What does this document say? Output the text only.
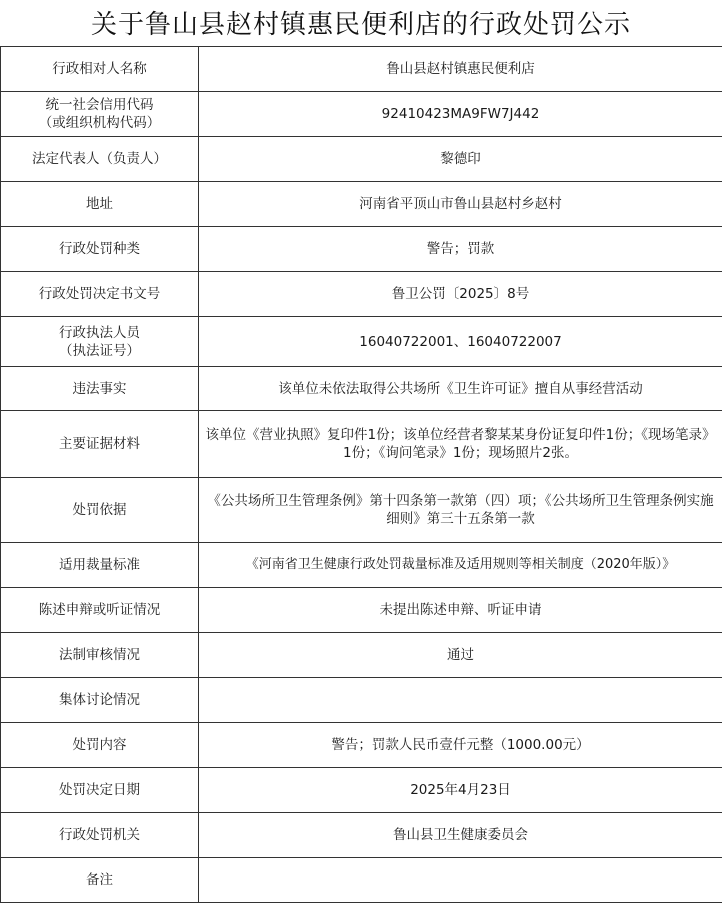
关于鲁山县赵村镇惠民便利店的行政处罚公示
行政相对人名称	鲁山县赵村镇惠民便利店

统一社会信用代码
（或组织机构代码）	92410423MA9FW7J442
法定代表人（负责人）	黎德印
地址	河南省平顶山市鲁山县赵村乡赵村
行政处罚种类	警告；罚款
行政处罚决定书文号	鲁卫公罚〔2025〕8号

行政执法人员
（执法证号）	16040722001、16040722007
违法事实	该单位未依法取得公共场所《卫生许可证》擅自从事经营活动
主要证据材料	该单位《营业执照》复印件1份；该单位经营者黎某某身份证复印件1份；《现场笔录》1份；《询问笔录》1份；现场照片2张。
处罚依据	《公共场所卫生管理条例》第十四条第一款第（四）项；《公共场所卫生管理条例实施细则》第三十五条第一款
适用裁量标准	《河南省卫生健康行政处罚裁量标准及适用规则等相关制度（2020年版）》
陈述申辩或听证情况	未提出陈述申辩、听证申请
法制审核情况	通过
集体讨论情况	
处罚内容	警告；罚款人民币壹仟元整（1000.00元）
处罚决定日期	2025年4月23日
行政处罚机关	鲁山县卫生健康委员会
备注	
